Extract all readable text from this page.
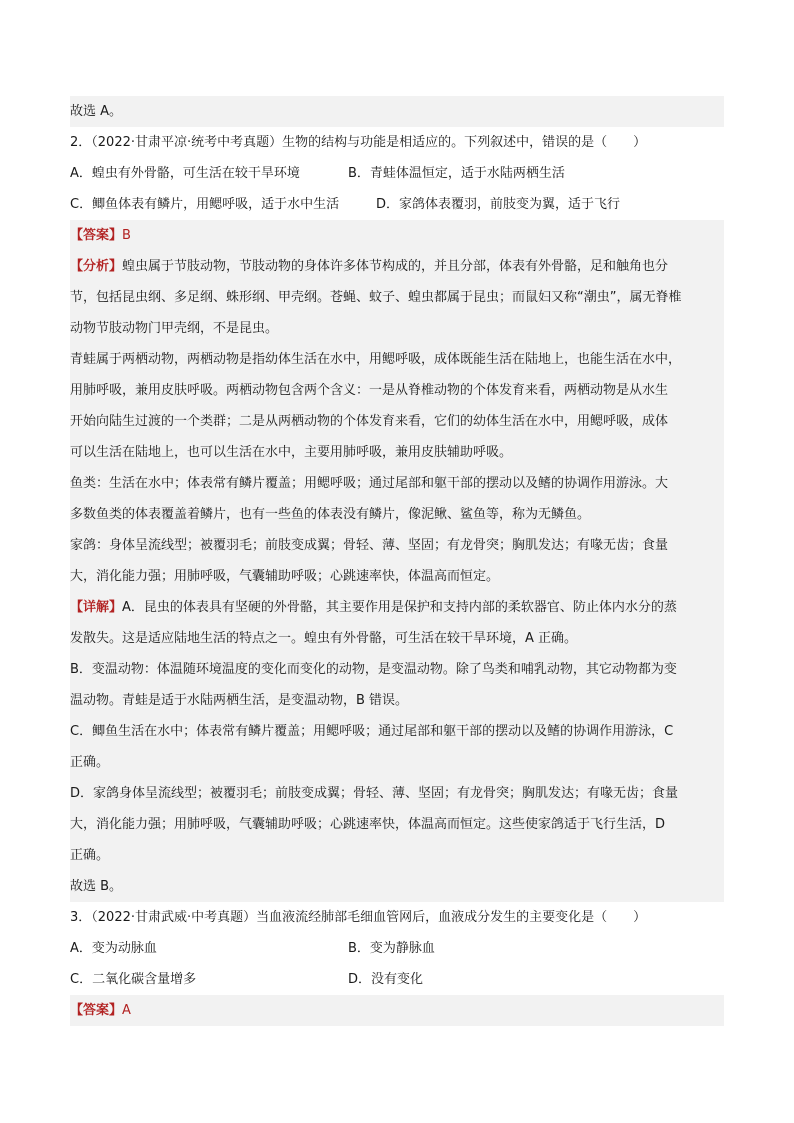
故选 A。
2．（2022·甘肃平凉·统考中考真题）生物的结构与功能是相适应的。下列叙述中，错误的是（　　）
A．蝗虫有外骨骼，可生活在较干旱环境	B．青蛙体温恒定，适于水陆两栖生活
C．鲫鱼体表有鳞片，用鳃呼吸，适于水中生活	D．家鸽体表覆羽，前肢变为翼，适于飞行
【答案】B
【分析】蝗虫属于节肢动物，节肢动物的身体许多体节构成的，并且分部，体表有外骨骼，足和触角也分
节，包括昆虫纲、多足纲、蛛形纲、甲壳纲。苍蝇、蚊子、蝗虫都属于昆虫；而鼠妇又称“潮虫”，属无脊椎
动物节肢动物门甲壳纲，不是昆虫。
青蛙属于两栖动物，两栖动物是指幼体生活在水中，用鳃呼吸，成体既能生活在陆地上，也能生活在水中，
用肺呼吸，兼用皮肤呼吸。两栖动物包含两个含义：一是从脊椎动物的个体发育来看，两栖动物是从水生
开始向陆生过渡的一个类群；二是从两栖动物的个体发育来看，它们的幼体生活在水中，用鳃呼吸，成体
可以生活在陆地上，也可以生活在水中，主要用肺呼吸，兼用皮肤辅助呼吸。
鱼类：生活在水中；体表常有鳞片覆盖；用鳃呼吸；通过尾部和躯干部的摆动以及鳍的协调作用游泳。大
多数鱼类的体表覆盖着鳞片，也有一些鱼的体表没有鳞片，像泥鳅、鲨鱼等，称为无鳞鱼。
家鸽：身体呈流线型；被覆羽毛；前肢变成翼；骨轻、薄、坚固；有龙骨突；胸肌发达；有喙无齿；食量
大，消化能力强；用肺呼吸，气囊辅助呼吸；心跳速率快，体温高而恒定。
【详解】A．昆虫的体表具有坚硬的外骨骼，其主要作用是保护和支持内部的柔软器官、防止体内水分的蒸
发散失。这是适应陆地生活的特点之一。蝗虫有外骨骼，可生活在较干旱环境，A 正确。
B．变温动物：体温随环境温度的变化而变化的动物，是变温动物。除了鸟类和哺乳动物，其它动物都为变
温动物。青蛙是适于水陆两栖生活，是变温动物，B 错误。
C．鲫鱼生活在水中；体表常有鳞片覆盖；用鳃呼吸；通过尾部和躯干部的摆动以及鳍的协调作用游泳，C
正确。
D．家鸽身体呈流线型；被覆羽毛；前肢变成翼；骨轻、薄、坚固；有龙骨突；胸肌发达；有喙无齿；食量
大，消化能力强；用肺呼吸，气囊辅助呼吸；心跳速率快，体温高而恒定。这些使家鸽适于飞行生活，D
正确。
故选 B。
3．（2022·甘肃武威·中考真题）当血液流经肺部毛细血管网后，血液成分发生的主要变化是（　　）
A．变为动脉血	B．变为静脉血
C．二氧化碳含量增多	D．没有变化
【答案】A
